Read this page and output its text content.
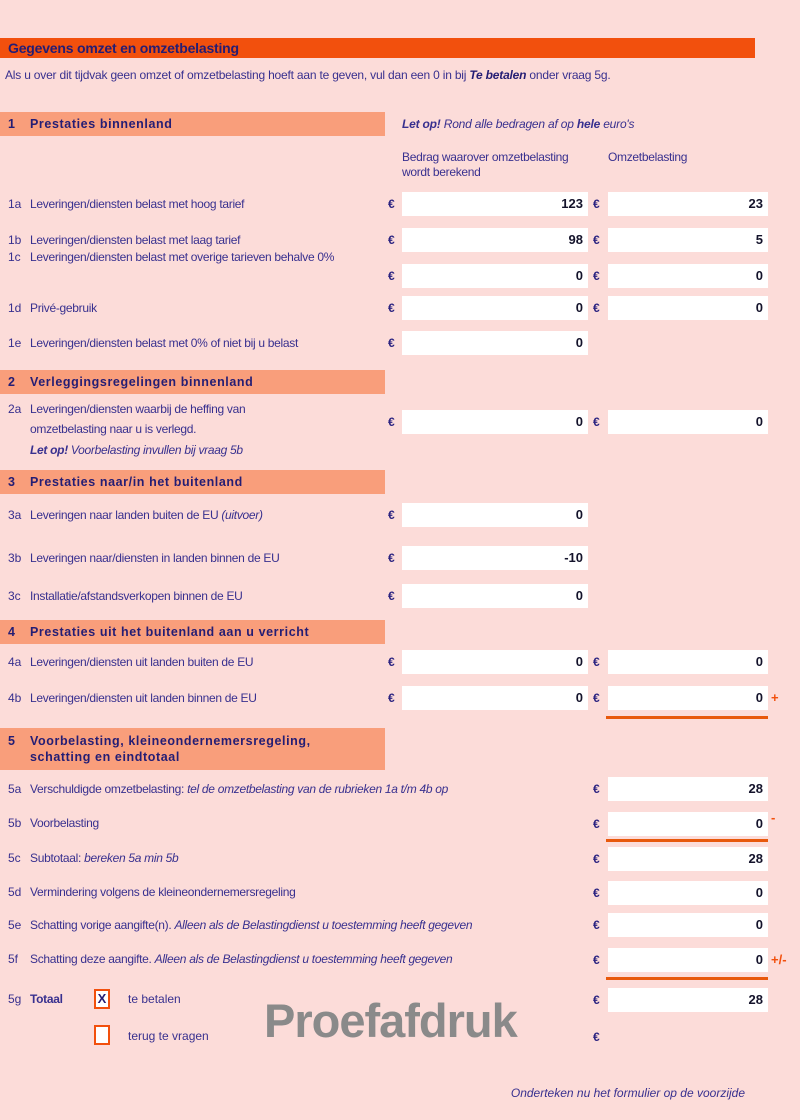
Gegevens omzet en omzetbelasting
Als u over dit tijdvak geen omzet of omzetbelasting hoeft aan te geven, vul dan een 0 in bij Te betalen onder vraag 5g.
1 Prestaties binnenland	Let op! Rond alle bedragen af op hele euro's
Bedrag waarover omzetbelasting wordt berekend
Omzetbelasting
1a Leveringen/diensten belast met hoog tarief	€	123 €	23
1b Leveringen/diensten belast met laag tarief	€	98 €	5
1c Leveringen/diensten belast met overige tarieven behalve 0%
€	0 €	0
1d Privé-gebruik	€	0 €	0
1e Leveringen/diensten belast met 0% of niet bij u belast	€	0
2 Verleggingsregelingen binnenland
2a Leveringen/diensten waarbij de heffing van
omzetbelasting naar u is verlegd.
Let op! Voorbelasting invullen bij vraag 5b
€	0 €	0
3 Prestaties naar/in het buitenland
3a Leveringen naar landen buiten de EU (uitvoer)	€	0
3b Leveringen naar/diensten in landen binnen de EU	€	-10
3c Installatie/afstandsverkopen binnen de EU	€	0
4 Prestaties uit het buitenland aan u verricht
4a Leveringen/diensten uit landen buiten de EU	€	0 €	0
4b Leveringen/diensten uit landen binnen de EU	€	0 €	0 +
5 Voorbelasting, kleineondernemersregeling, schatting en eindtotaal
5a Verschuldigde omzetbelasting: tel de omzetbelasting van de rubrieken 1a t/m 4b op	€	28
5b Voorbelasting	€	0 -
5c Subtotaal: bereken 5a min 5b	€	28
5d Vermindering volgens de kleineondernemersregeling	€	0
5e Schatting vorige aangifte(n). Alleen als de Belastingdienst u toestemming heeft gegeven	€	0
5f Schatting deze aangifte. Alleen als de Belastingdienst u toestemming heeft gegeven	€	0 +/-
5g Totaal	X	te betalen	€	28
terug te vragen	€
Proefafdruk
Onderteken nu het formulier op de voorzijde
